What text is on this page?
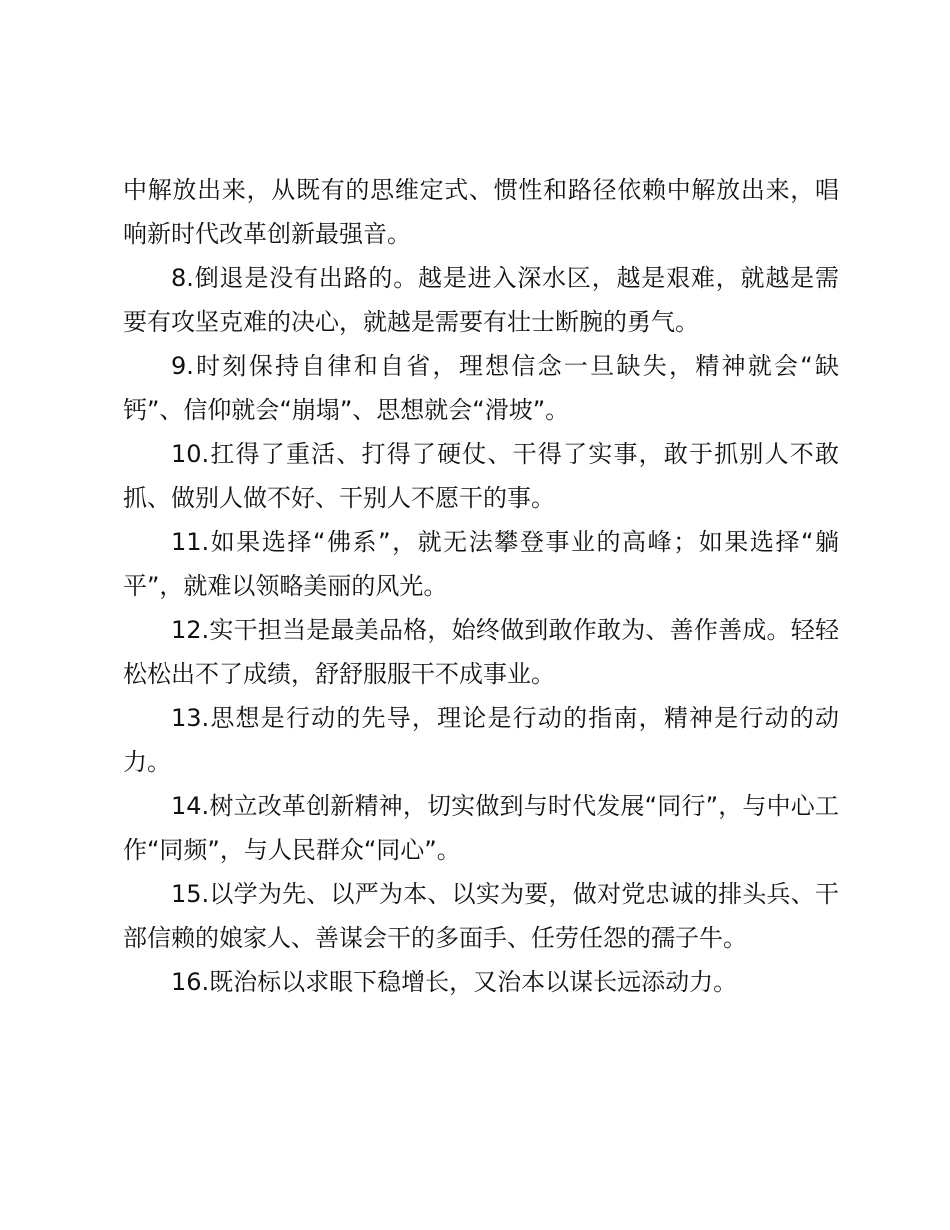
中解放出来，从既有的思维定式、惯性和路径依赖中解放出来，唱响新时代改革创新最强音。

8.倒退是没有出路的。越是进入深水区，越是艰难，就越是需要有攻坚克难的决心，就越是需要有壮士断腕的勇气。

9.时刻保持自律和自省，理想信念一旦缺失，精神就会“缺钙”、信仰就会“崩塌”、思想就会“滑坡”。

10.扛得了重活、打得了硬仗、干得了实事，敢于抓别人不敢抓、做别人做不好、干别人不愿干的事。

11.如果选择“佛系”，就无法攀登事业的高峰；如果选择“躺平”，就难以领略美丽的风光。

12.实干担当是最美品格，始终做到敢作敢为、善作善成。轻轻松松出不了成绩，舒舒服服干不成事业。

13.思想是行动的先导，理论是行动的指南，精神是行动的动力。

14.树立改革创新精神，切实做到与时代发展“同行”，与中心工作“同频”，与人民群众“同心”。

15.以学为先、以严为本、以实为要，做对党忠诚的排头兵、干部信赖的娘家人、善谋会干的多面手、任劳任怨的孺子牛。

16.既治标以求眼下稳增长，又治本以谋长远添动力。
